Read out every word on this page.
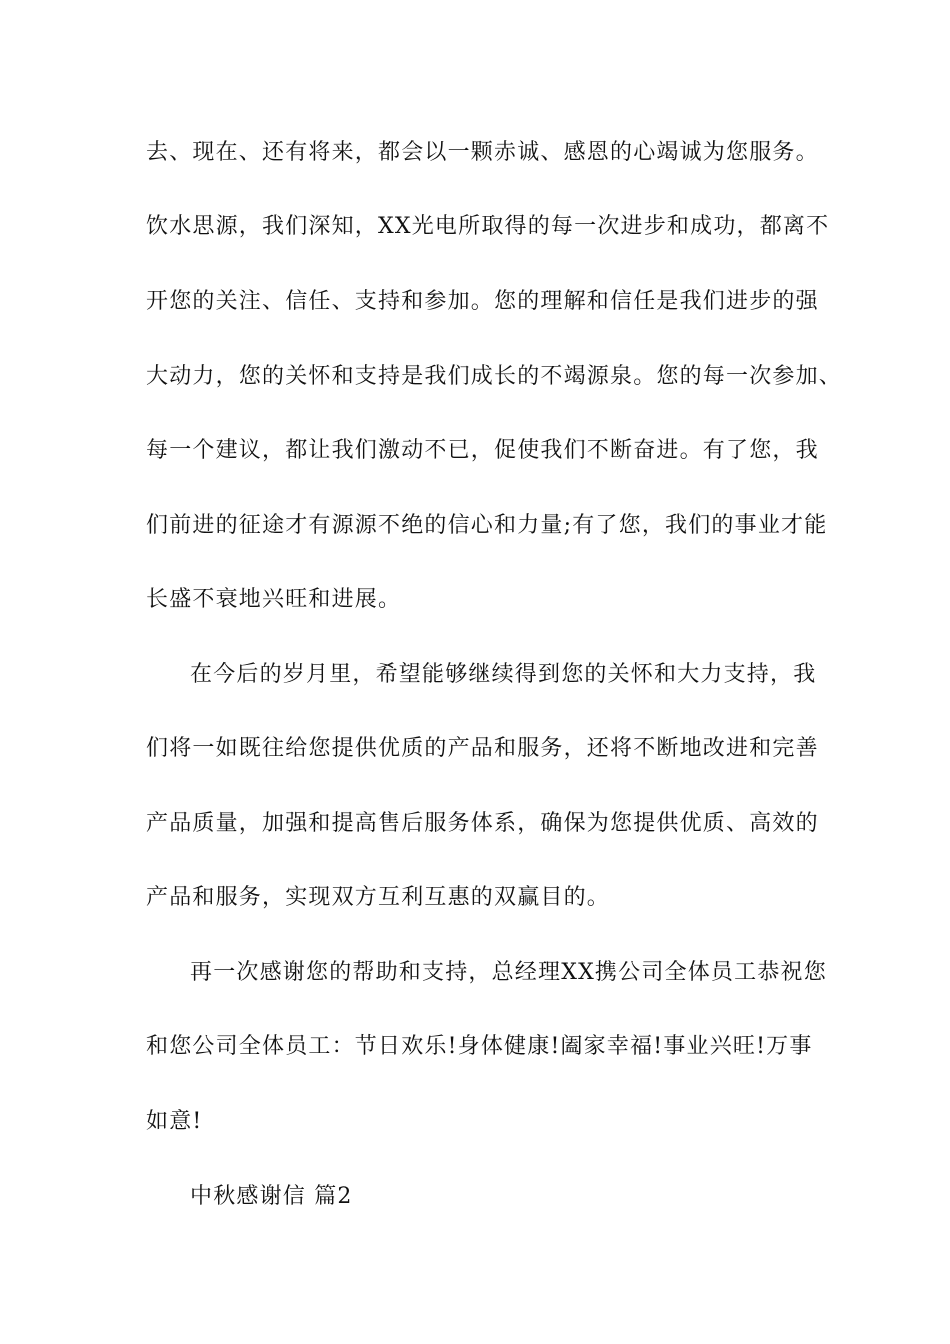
去、现在、还有将来，都会以一颗赤诚、感恩的心竭诚为您服务。
饮水思源，我们深知，XX光电所取得的每一次进步和成功，都离不
开您的关注、信任、支持和参加。您的理解和信任是我们进步的强
大动力，您的关怀和支持是我们成长的不竭源泉。您的每一次参加、
每一个建议，都让我们激动不已，促使我们不断奋进。有了您，我
们前进的征途才有源源不绝的信心和力量;有了您，我们的事业才能
长盛不衰地兴旺和进展。
在今后的岁月里，希望能够继续得到您的关怀和大力支持，我
们将一如既往给您提供优质的产品和服务，还将不断地改进和完善
产品质量，加强和提高售后服务体系，确保为您提供优质、高效的
产品和服务，实现双方互利互惠的双赢目的。
再一次感谢您的帮助和支持，总经理XX携公司全体员工恭祝您
和您公司全体员工：节日欢乐!身体健康!阖家幸福!事业兴旺!万事
如意!
中秋感谢信 篇2
